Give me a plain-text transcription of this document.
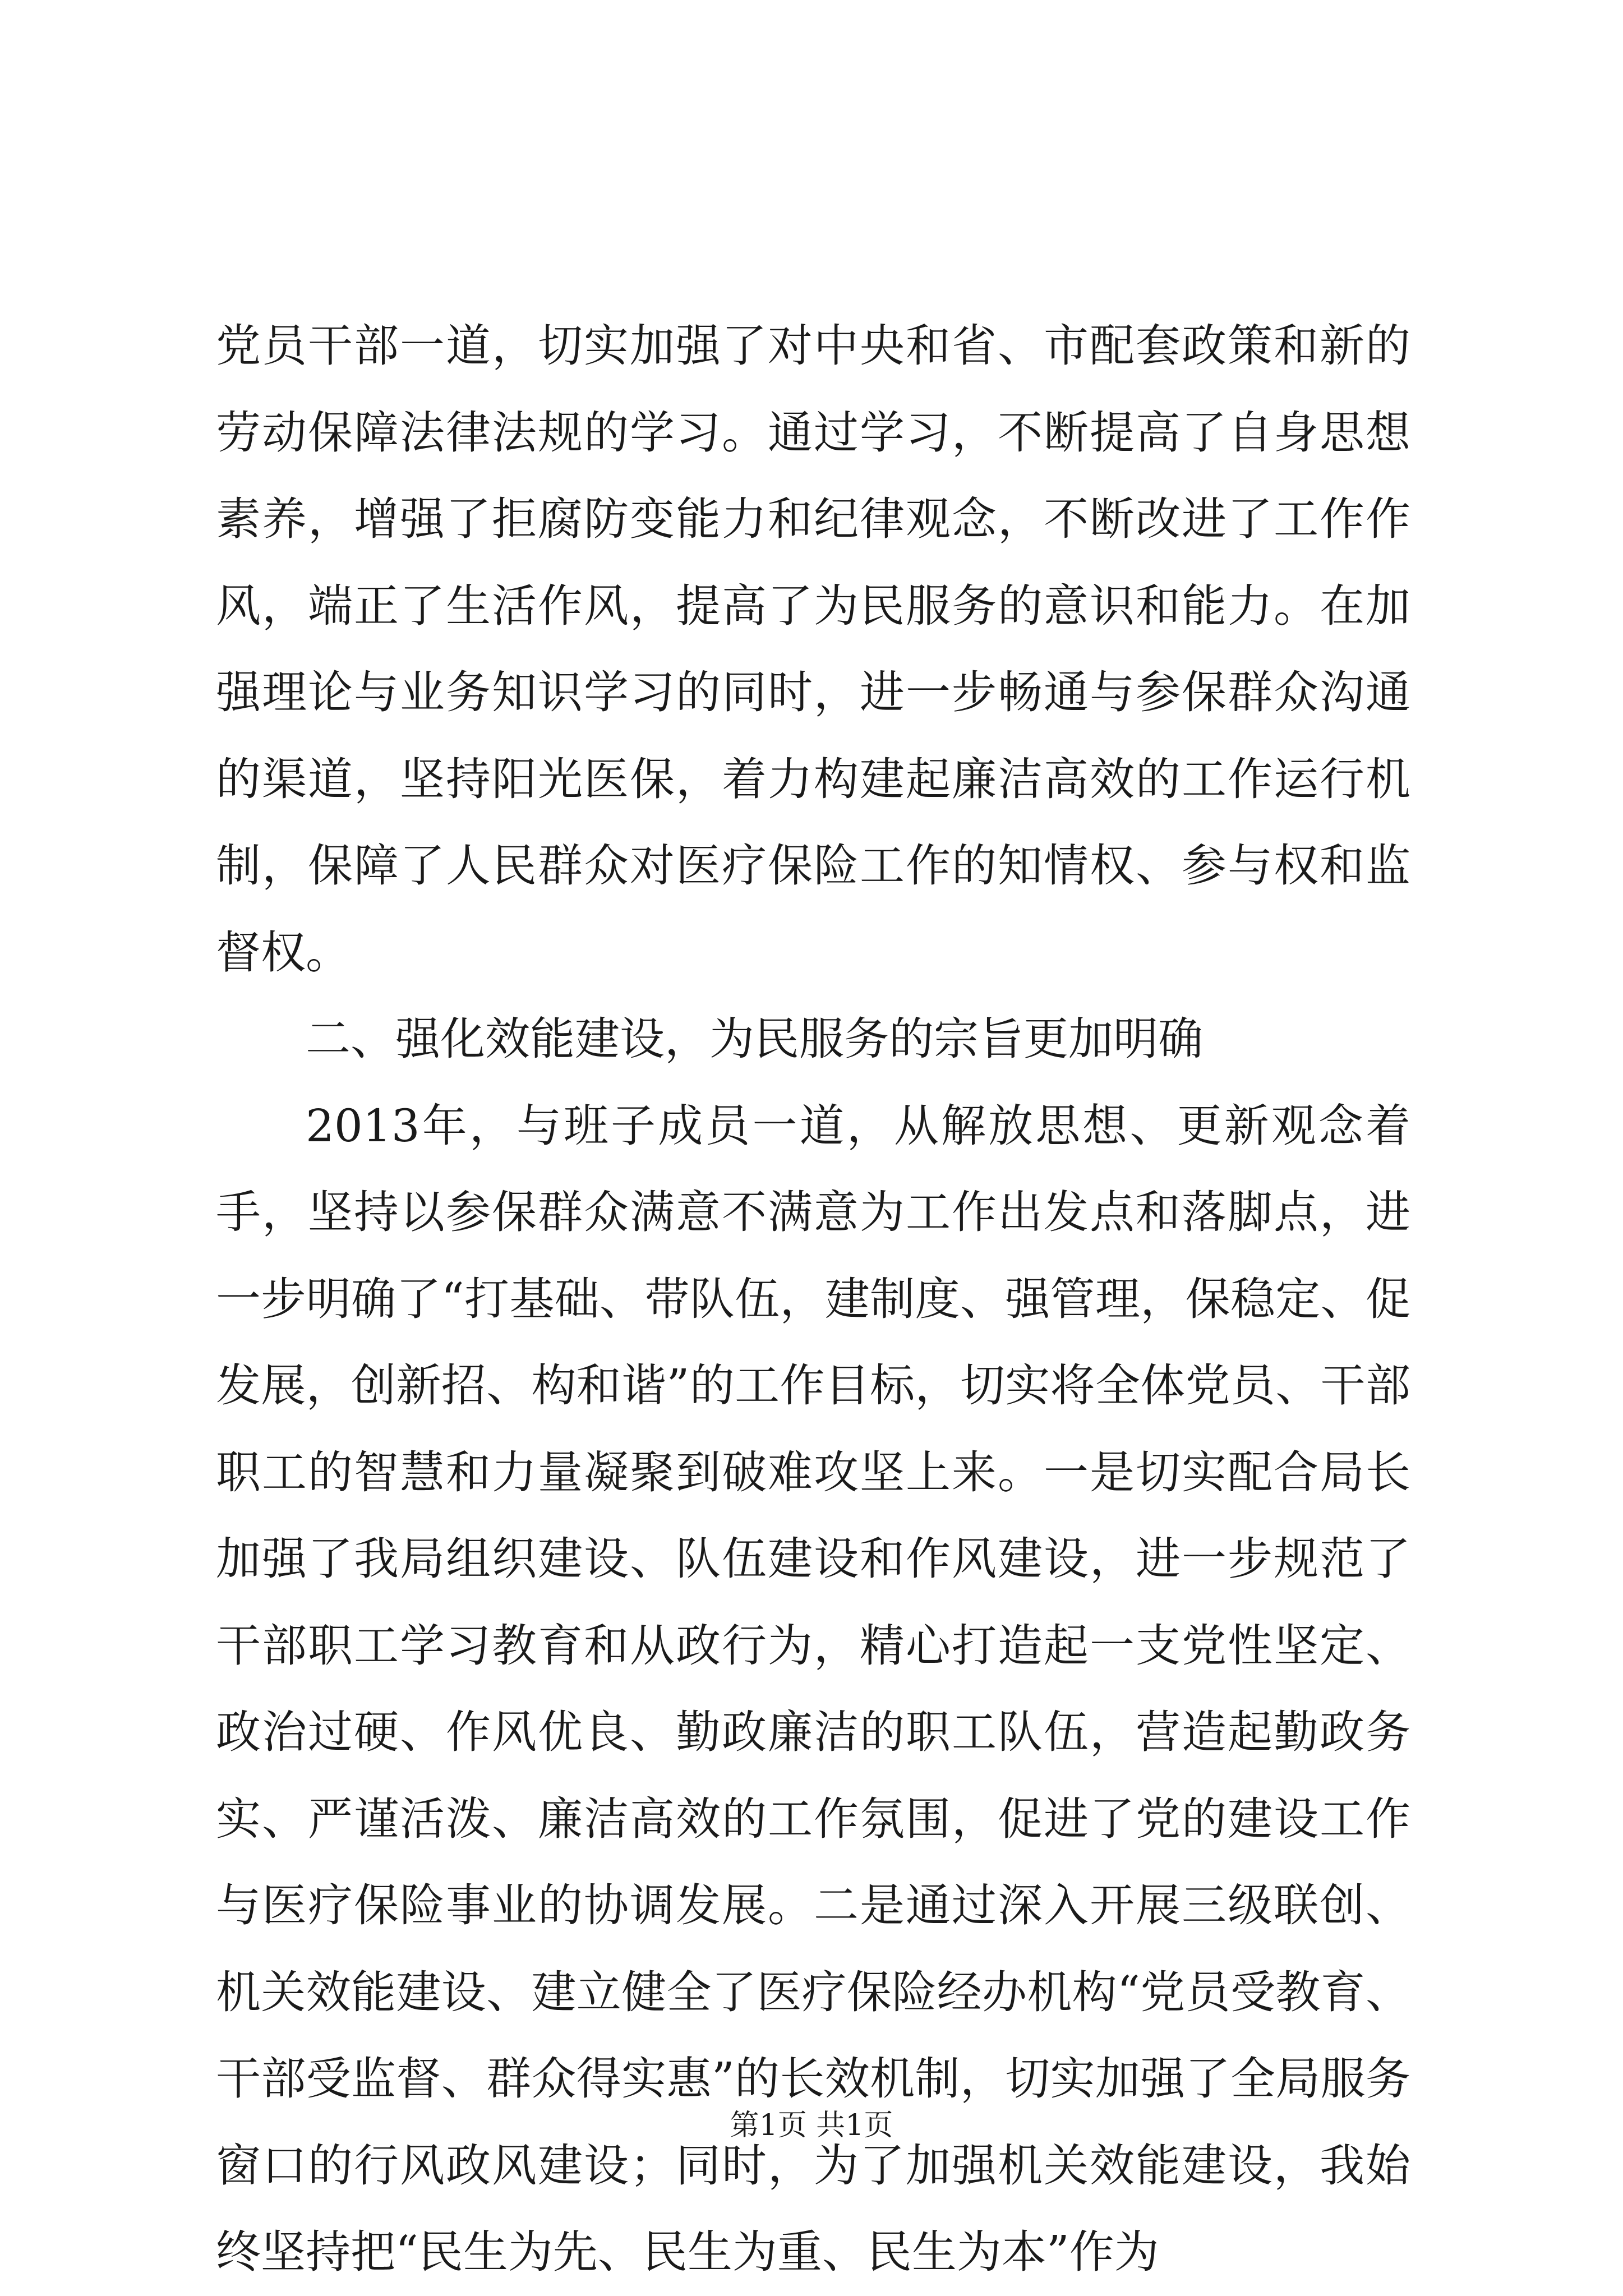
党员干部一道，切实加强了对中央和省、市配套政策和新的劳动保障法律法规的学习。通过学习，不断提高了自身思想素养，增强了拒腐防变能力和纪律观念，不断改进了工作作风，端正了生活作风，提高了为民服务的意识和能力。在加强理论与业务知识学习的同时，进一步畅通与参保群众沟通的渠道，坚持阳光医保，着力构建起廉洁高效的工作运行机制，保障了人民群众对医疗保险工作的知情权、参与权和监督权。

二、强化效能建设，为民服务的宗旨更加明确

2013年，与班子成员一道，从解放思想、更新观念着手，坚持以参保群众满意不满意为工作出发点和落脚点，进一步明确了“打基础、带队伍，建制度、强管理，保稳定、促发展，创新招、构和谐”的工作目标，切实将全体党员、干部职工的智慧和力量凝聚到破难攻坚上来。一是切实配合局长加强了我局组织建设、队伍建设和作风建设，进一步规范了干部职工学习教育和从政行为，精心打造起一支党性坚定、政治过硬、作风优良、勤政廉洁的职工队伍，营造起勤政务实、严谨活泼、廉洁高效的工作氛围，促进了党的建设工作与医疗保险事业的协调发展。二是通过深入开展三级联创、机关效能建设、建立健全了医疗保险经办机构“党员受教育、干部受监督、群众得实惠”的长效机制，切实加强了全局服务窗口的行风政风建设；同时，为了加强机关效能建设，我始终坚持把“民生为先、民生为重、民生为本”作为

第1页 共1页
